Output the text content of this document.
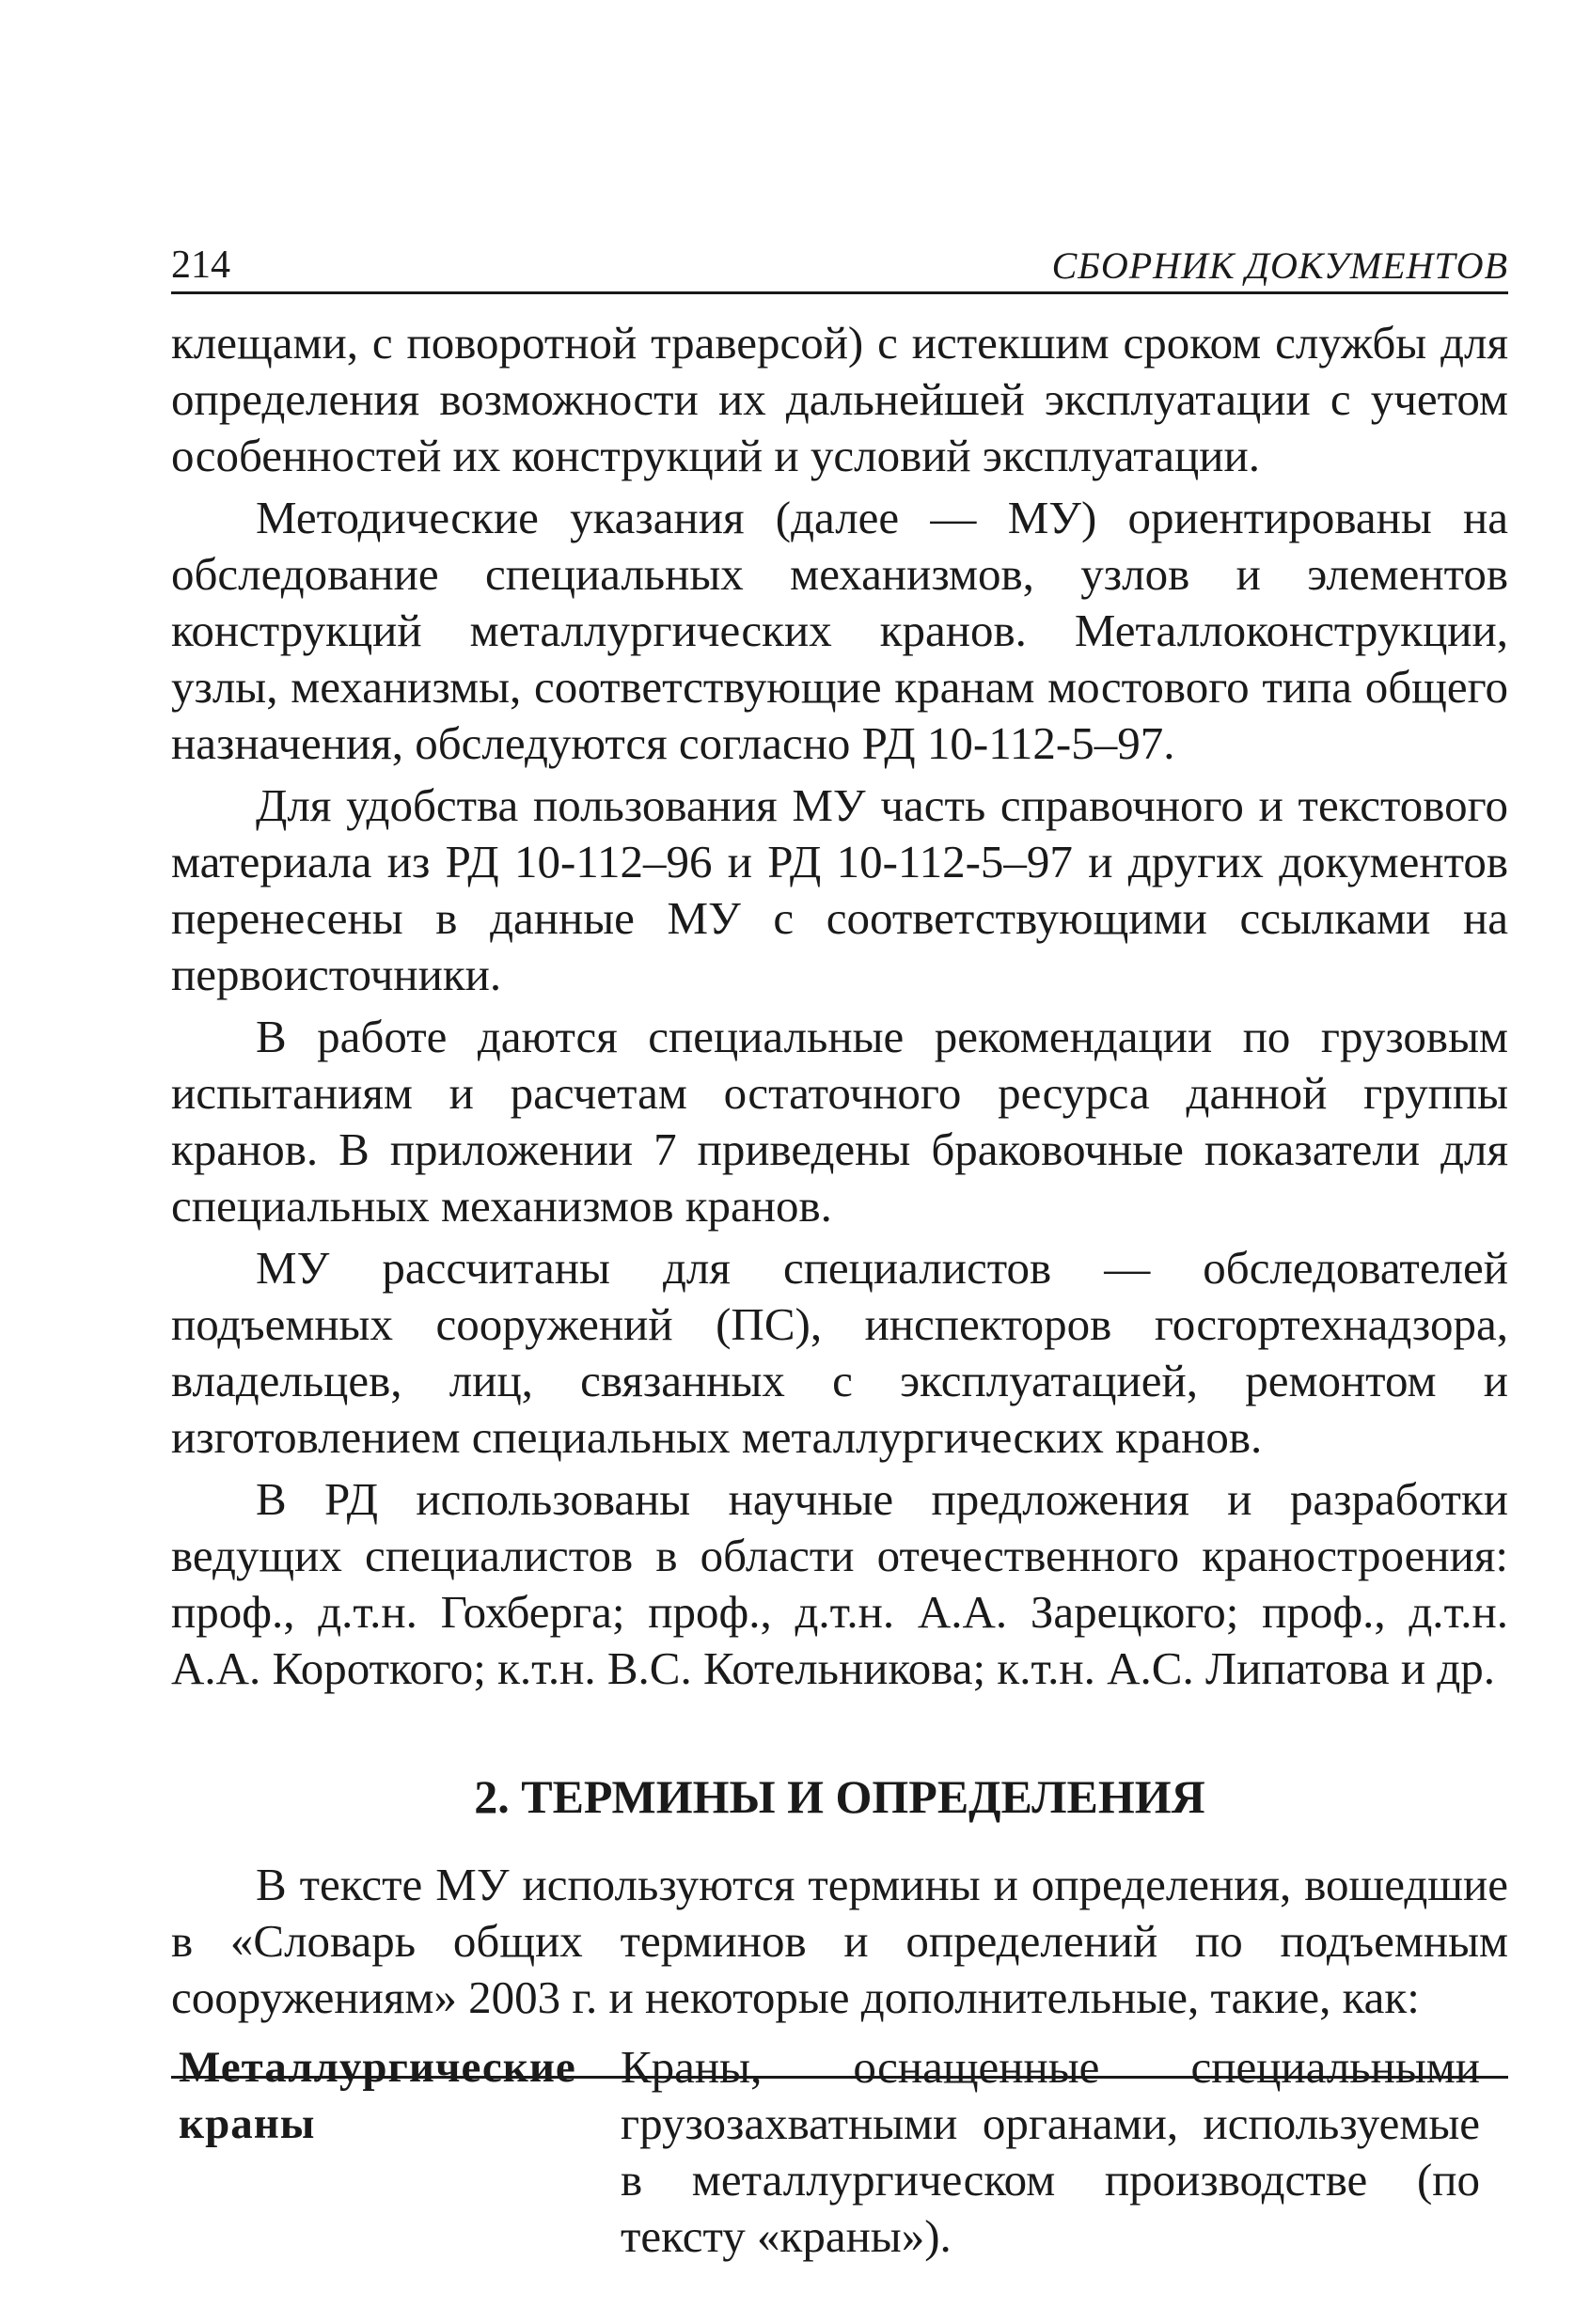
214	СБОРНИК ДОКУМЕНТОВ

клещами, с поворотной траверсой) с истекшим сроком службы для определения возможности их дальнейшей эксплуатации с учетом особенностей их конструкций и условий эксплуатации.

Методические указания (далее — МУ) ориентированы на обследование специальных механизмов, узлов и элементов конструкций металлургических кранов. Металлоконструкции, узлы, механизмы, соответствующие кранам мостового типа общего назначения, обследуются согласно РД 10-112-5–97.

Для удобства пользования МУ часть справочного и текстового материала из РД 10-112–96 и РД 10-112-5–97 и других документов перенесены в данные МУ с соответствующими ссылками на первоисточники.

В работе даются специальные рекомендации по грузовым испытаниям и расчетам остаточного ресурса данной группы кранов. В приложении 7 приведены браковочные показатели для специальных механизмов кранов.

МУ рассчитаны для специалистов — обследователей подъемных сооружений (ПС), инспекторов госгортехнадзора, владельцев, лиц, связанных с эксплуатацией, ремонтом и изготовлением специальных металлургических кранов.

В РД использованы научные предложения и разработки ведущих специалистов в области отечественного краностроения: проф., д.т.н. Гохберга; проф., д.т.н. А.А. Зарецкого; проф., д.т.н. А.А. Короткого; к.т.н. В.С. Котельникова; к.т.н. А.С. Липатова и др.

2. ТЕРМИНЫ И ОПРЕДЕЛЕНИЯ

В тексте МУ используются термины и определения, вошедшие в «Словарь общих терминов и определений по подъемным сооружениям» 2003 г. и некоторые дополнительные, такие, как:

Металлургические краны
Краны, оснащенные специальными грузозахватными органами, используемые в металлургическом производстве (по тексту «краны»).
